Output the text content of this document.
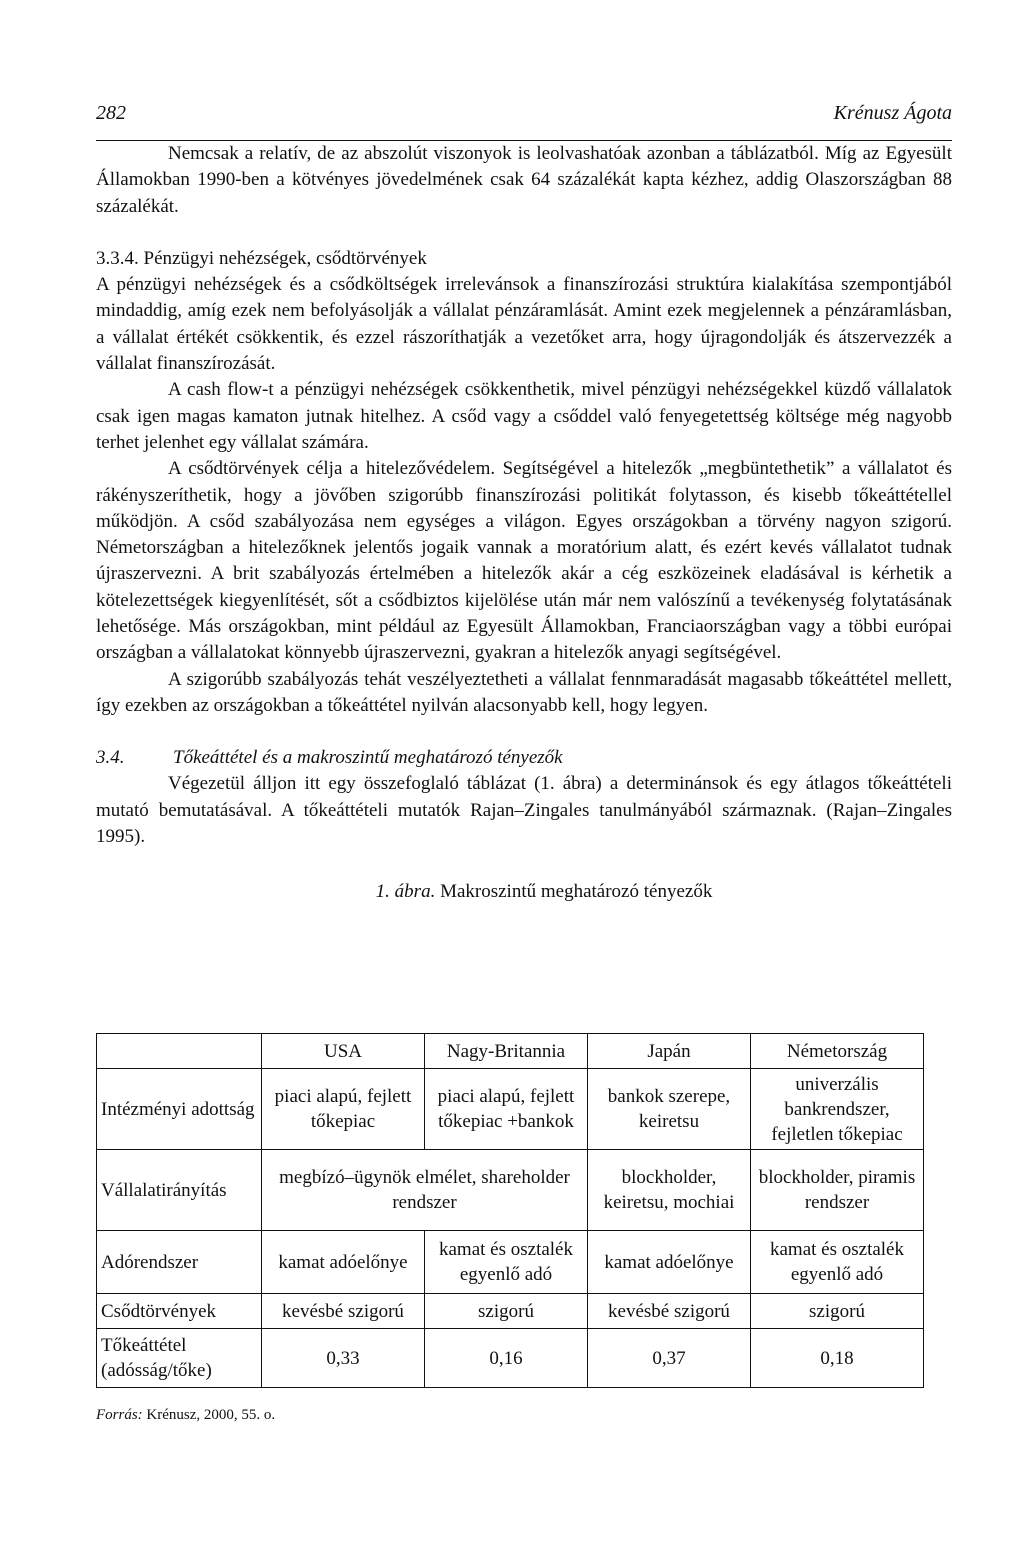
282	Krénusz Ágota

Nemcsak a relatív, de az abszolút viszonyok is leolvashatóak azonban a táblázatból. Míg az Egyesült Államokban 1990-ben a kötvényes jövedelmének csak 64 százalékát kapta kézhez, addig Olaszországban 88 százalékát.

3.3.4. Pénzügyi nehézségek, csődtörvények

A pénzügyi nehézségek és a csődköltségek irrelevánsok a finanszírozási struktúra kialakítása szempontjából mindaddig, amíg ezek nem befolyásolják a vállalat pénzáramlását. Amint ezek megjelennek a pénzáramlásban, a vállalat értékét csökkentik, és ezzel rászoríthatják a vezetőket arra, hogy újragondolják és átszervezzék a vállalat finanszírozását.

A cash flow-t a pénzügyi nehézségek csökkenthetik, mivel pénzügyi nehézségekkel küzdő vállalatok csak igen magas kamaton jutnak hitelhez. A csőd vagy a csőddel való fenyegetettség költsége még nagyobb terhet jelenhet egy vállalat számára.

A csődtörvények célja a hitelezővédelem. Segítségével a hitelezők „megbüntethetik” a vállalatot és rákényszeríthetik, hogy a jövőben szigorúbb finanszírozási politikát folytasson, és kisebb tőkeáttétellel működjön. A csőd szabályozása nem egységes a világon. Egyes országokban a törvény nagyon szigorú. Németországban a hitelezőknek jelentős jogaik vannak a moratórium alatt, és ezért kevés vállalatot tudnak újraszervezni. A brit szabályozás értelmében a hitelezők akár a cég eszközeinek eladásával is kérhetik a kötelezettségek kiegyenlítését, sőt a csődbiztos kijelölése után már nem valószínű a tevékenység folytatásának lehetősége. Más országokban, mint például az Egyesült Államokban, Franciaországban vagy a többi európai országban a vállalatokat könnyebb újraszervezni, gyakran a hitelezők anyagi segítségével.

A szigorúbb szabályozás tehát veszélyeztetheti a vállalat fennmaradását magasabb tőkeáttétel mellett, így ezekben az országokban a tőkeáttétel nyilván alacsonyabb kell, hogy legyen.

3.4.	Tőkeáttétel és a makroszintű meghatározó tényezők

Végezetül álljon itt egy összefoglaló táblázat (1. ábra) a determinánsok és egy átlagos tőkeáttételi mutató bemutatásával. A tőkeáttételi mutatók Rajan–Zingales tanulmányából származnak. (Rajan–Zingales 1995).

1. ábra. Makroszintű meghatározó tényezők
	USA	Nagy-Britannia	Japán	Németország
Intézményi adottság	piaci alapú, fejlett tőkepiac	piaci alapú, fejlett tőkepiac +bankok	bankok szerepe, keiretsu	univerzális bankrendszer, fejletlen tőkepiac
Vállalatirányítás	megbízó–ügynök elmélet, shareholder rendszer		blockholder, keiretsu, mochiai	blockholder, piramis rendszer
Adórendszer	kamat adóelőnye	kamat és osztalék egyenlő adó	kamat adóelőnye	kamat és osztalék egyenlő adó
Csődtörvények	kevésbé szigorú	szigorú	kevésbé szigorú	szigorú
Tőkeáttétel (adósság/tőke)	0,33	0,16	0,37	0,18
Forrás: Krénusz, 2000, 55. o.
